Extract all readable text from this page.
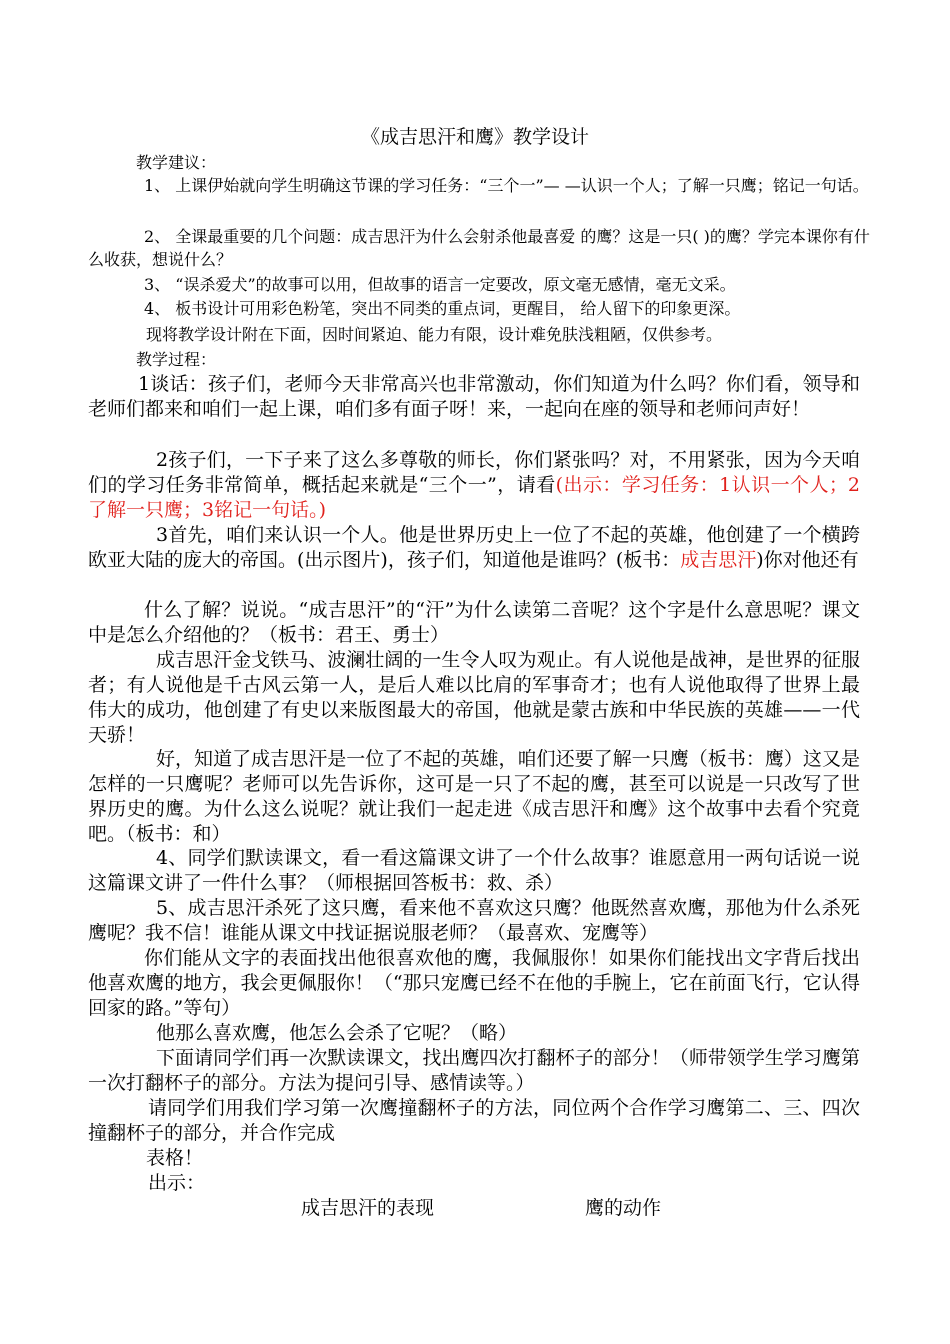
《成吉思汗和鹰》教学设计
教学建议：
1、 上课伊始就向学生明确这节课的学习任务：“三个一”— —认识一个人；了解一只鹰；铭记一句话。
2、 全课最重要的几个问题：成吉思汗为什么会射杀他最喜爱 的鹰？这是一只( )的鹰？学完本课你有什么收获，想说什么？
3、 “误杀爱犬”的故事可以用，但故事的语言一定要改，原文毫无感情，毫无文采。
4、 板书设计可用彩色粉笔，突出不同类的重点词，更醒目， 给人留下的印象更深。
现将教学设计附在下面，因时间紧迫、能力有限，设计难免肤浅粗陋，仅供参考。
教学过程：
1谈话：孩子们，老师今天非常高兴也非常激动，你们知道为什么吗？你们看，领导和老师们都来和咱们一起上课，咱们多有面子呀！来，一起向在座的领导和老师问声好！
2孩子们，一下子来了这么多尊敬的师长，你们紧张吗？对，不用紧张，因为今天咱们的学习任务非常简单，概括起来就是“三个一”，请看(出示：学习任务：1认识一个人；2了解一只鹰；3铭记一句话。)
3首先，咱们来认识一个人。他是世界历史上一位了不起的英雄，他创建了一个横跨欧亚大陆的庞大的帝国。(出示图片)，孩子们，知道他是谁吗？(板书：成吉思汗)你对他还有
什么了解？说说。“成吉思汗”的“汗”为什么读第二音呢？这个字是什么意思呢？课文中是怎么介绍他的？（板书：君王、勇士）
成吉思汗金戈铁马、波澜壮阔的一生令人叹为观止。有人说他是战神，是世界的征服者；有人说他是千古风云第一人，是后人难以比肩的军事奇才；也有人说他取得了世界上最伟大的成功，他创建了有史以来版图最大的帝国，他就是蒙古族和中华民族的英雄——一代天骄！
好，知道了成吉思汗是一位了不起的英雄，咱们还要了解一只鹰（板书：鹰）这又是怎样的一只鹰呢？老师可以先告诉你，这可是一只了不起的鹰，甚至可以说是一只改写了世界历史的鹰。为什么这么说呢？就让我们一起走进《成吉思汗和鹰》这个故事中去看个究竟吧。（板书：和）
4、同学们默读课文，看一看这篇课文讲了一个什么故事？谁愿意用一两句话说一说这篇课文讲了一件什么事？（师根据回答板书：救、杀）
5、成吉思汗杀死了这只鹰，看来他不喜欢这只鹰？他既然喜欢鹰，那他为什么杀死鹰呢？我不信！谁能从课文中找证据说服老师？（最喜欢、宠鹰等）
你们能从文字的表面找出他很喜欢他的鹰，我佩服你！如果你们能找出文字背后找出他喜欢鹰的地方，我会更佩服你！（“那只宠鹰已经不在他的手腕上，它在前面飞行，它认得回家的路。”等句）
他那么喜欢鹰，他怎么会杀了它呢？（略）
下面请同学们再一次默读课文，找出鹰四次打翻杯子的部分！（师带领学生学习鹰第一次打翻杯子的部分。方法为提问引导、感情读等。）
请同学们用我们学习第一次鹰撞翻杯子的方法，同位两个合作学习鹰第二、三、四次撞翻杯子的部分，并合作完成
表格！
出示：
成吉思汗的表现	鹰的动作
